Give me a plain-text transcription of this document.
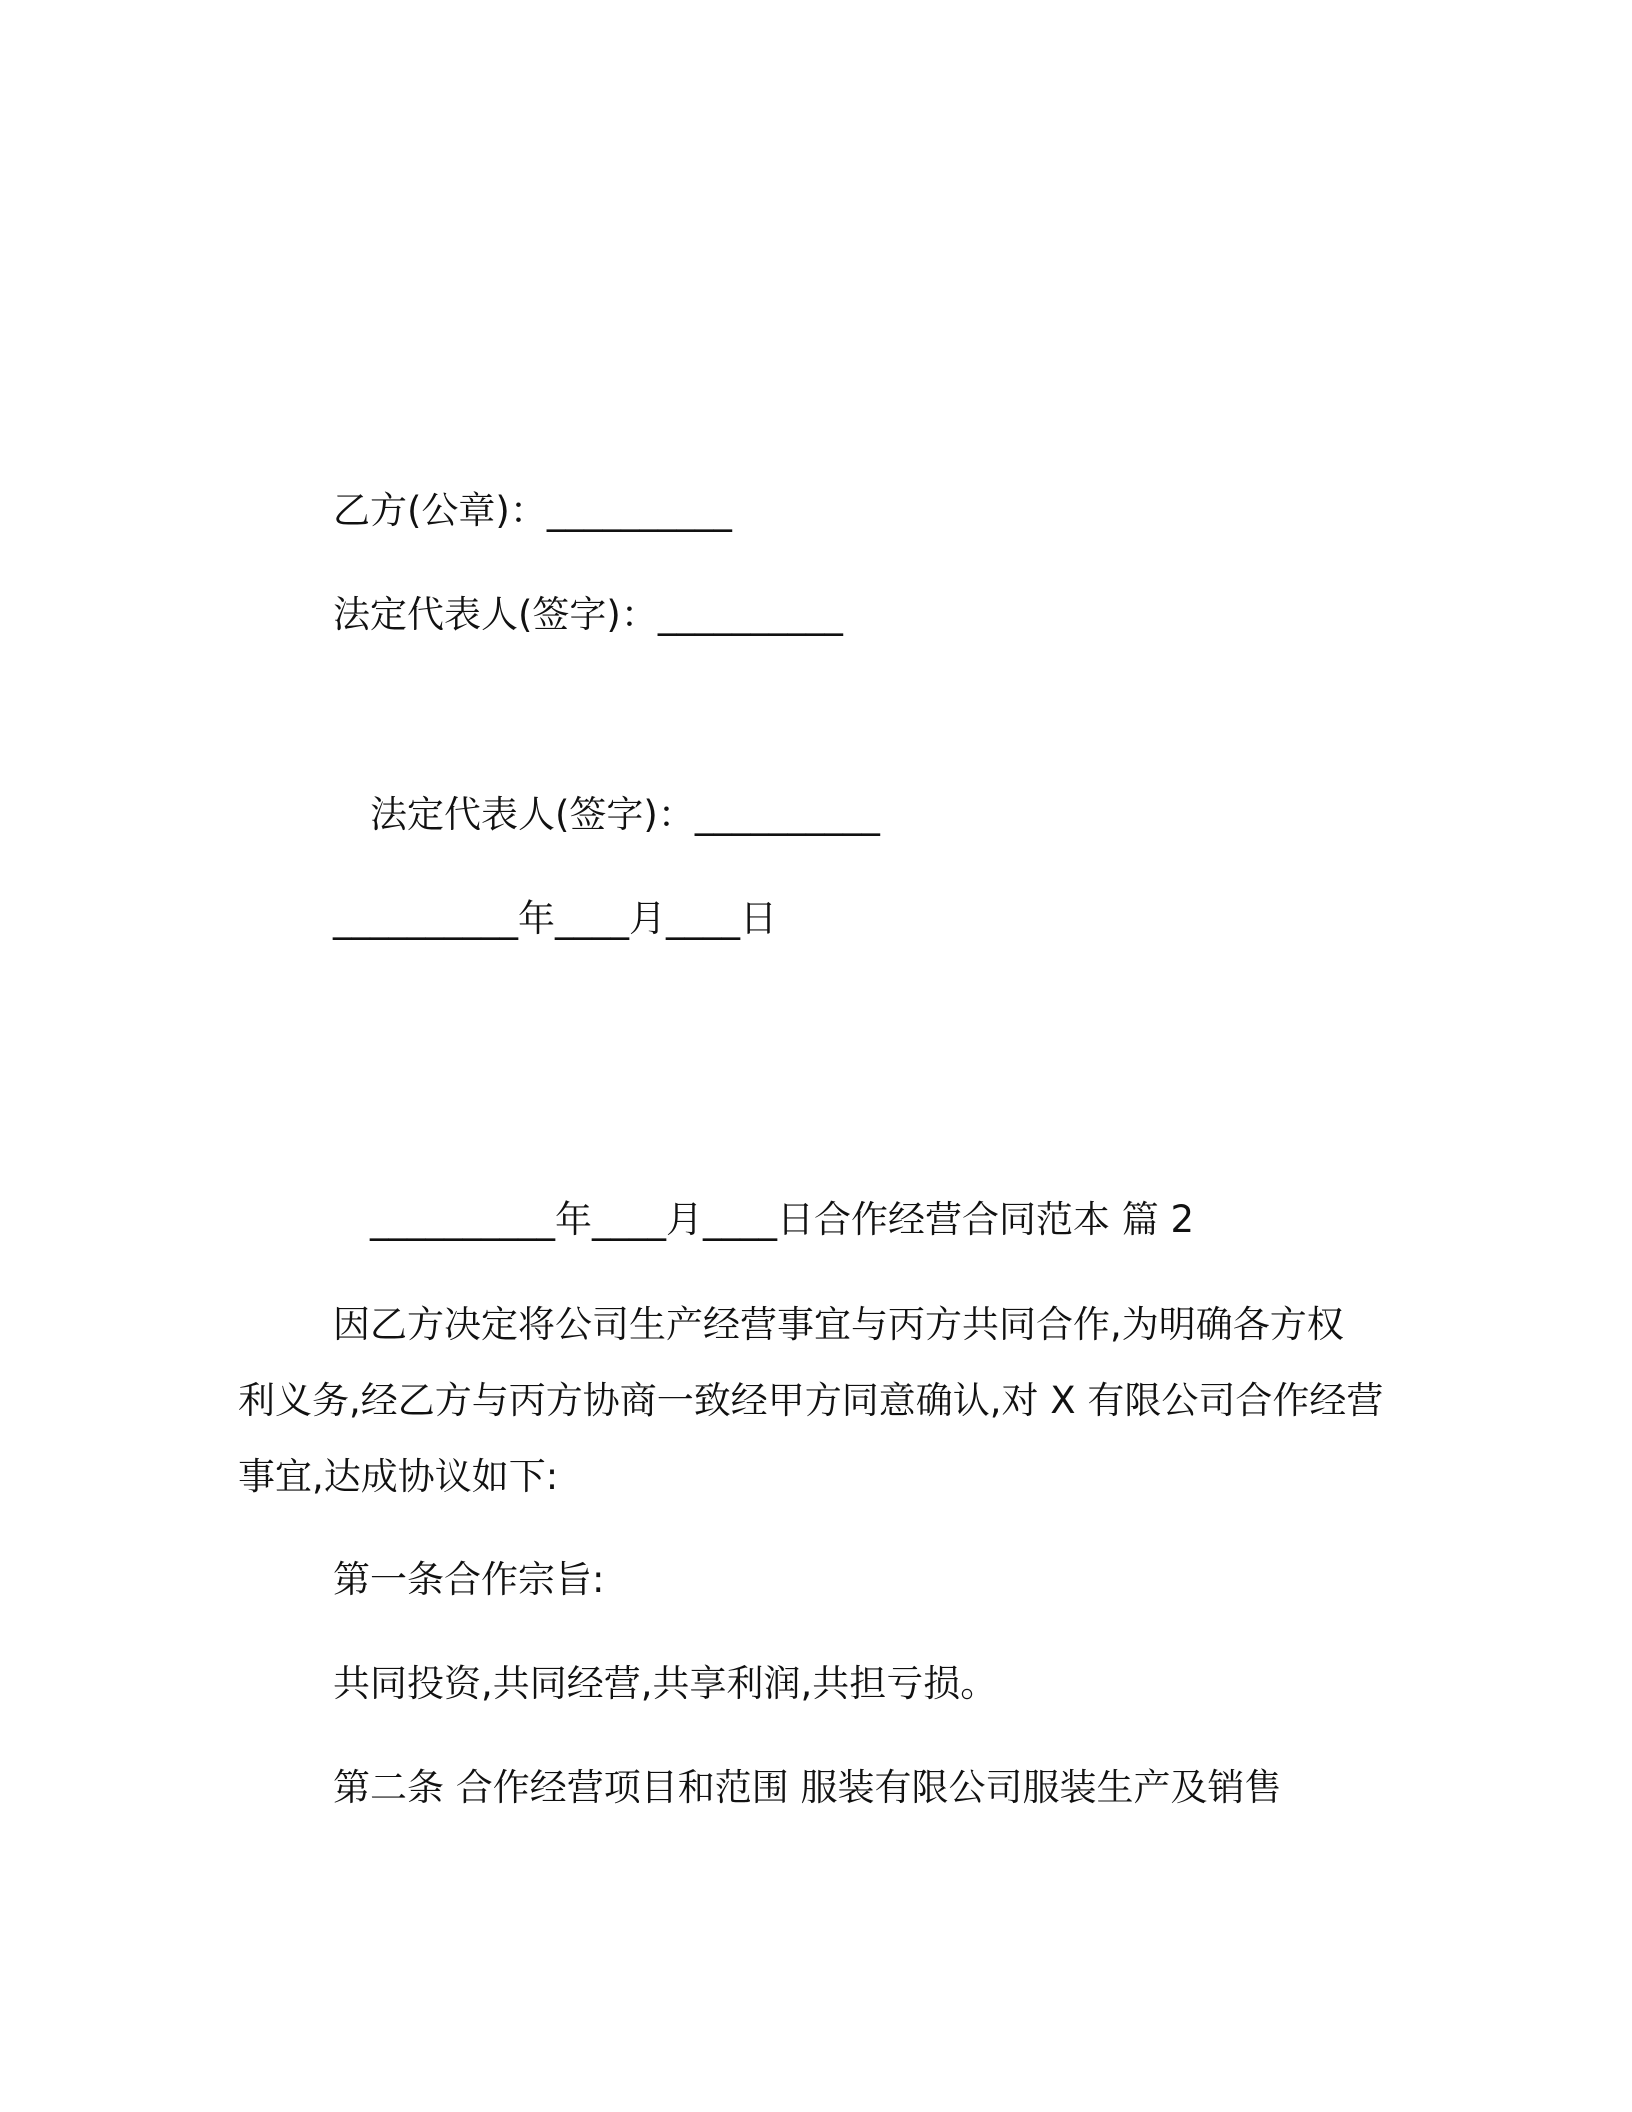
乙方(公章)：__________
法定代表人(签字)：__________
法定代表人(签字)：__________
__________年____月____日
__________年____月____日合作经营合同范本 篇 2
因乙方决定将公司生产经营事宜与丙方共同合作,为明确各方权
利义务,经乙方与丙方协商一致经甲方同意确认,对 X 有限公司合作经营
事宜,达成协议如下:
第一条合作宗旨:
共同投资,共同经营,共享利润,共担亏损。
第二条 合作经营项目和范围 服装有限公司服装生产及销售
